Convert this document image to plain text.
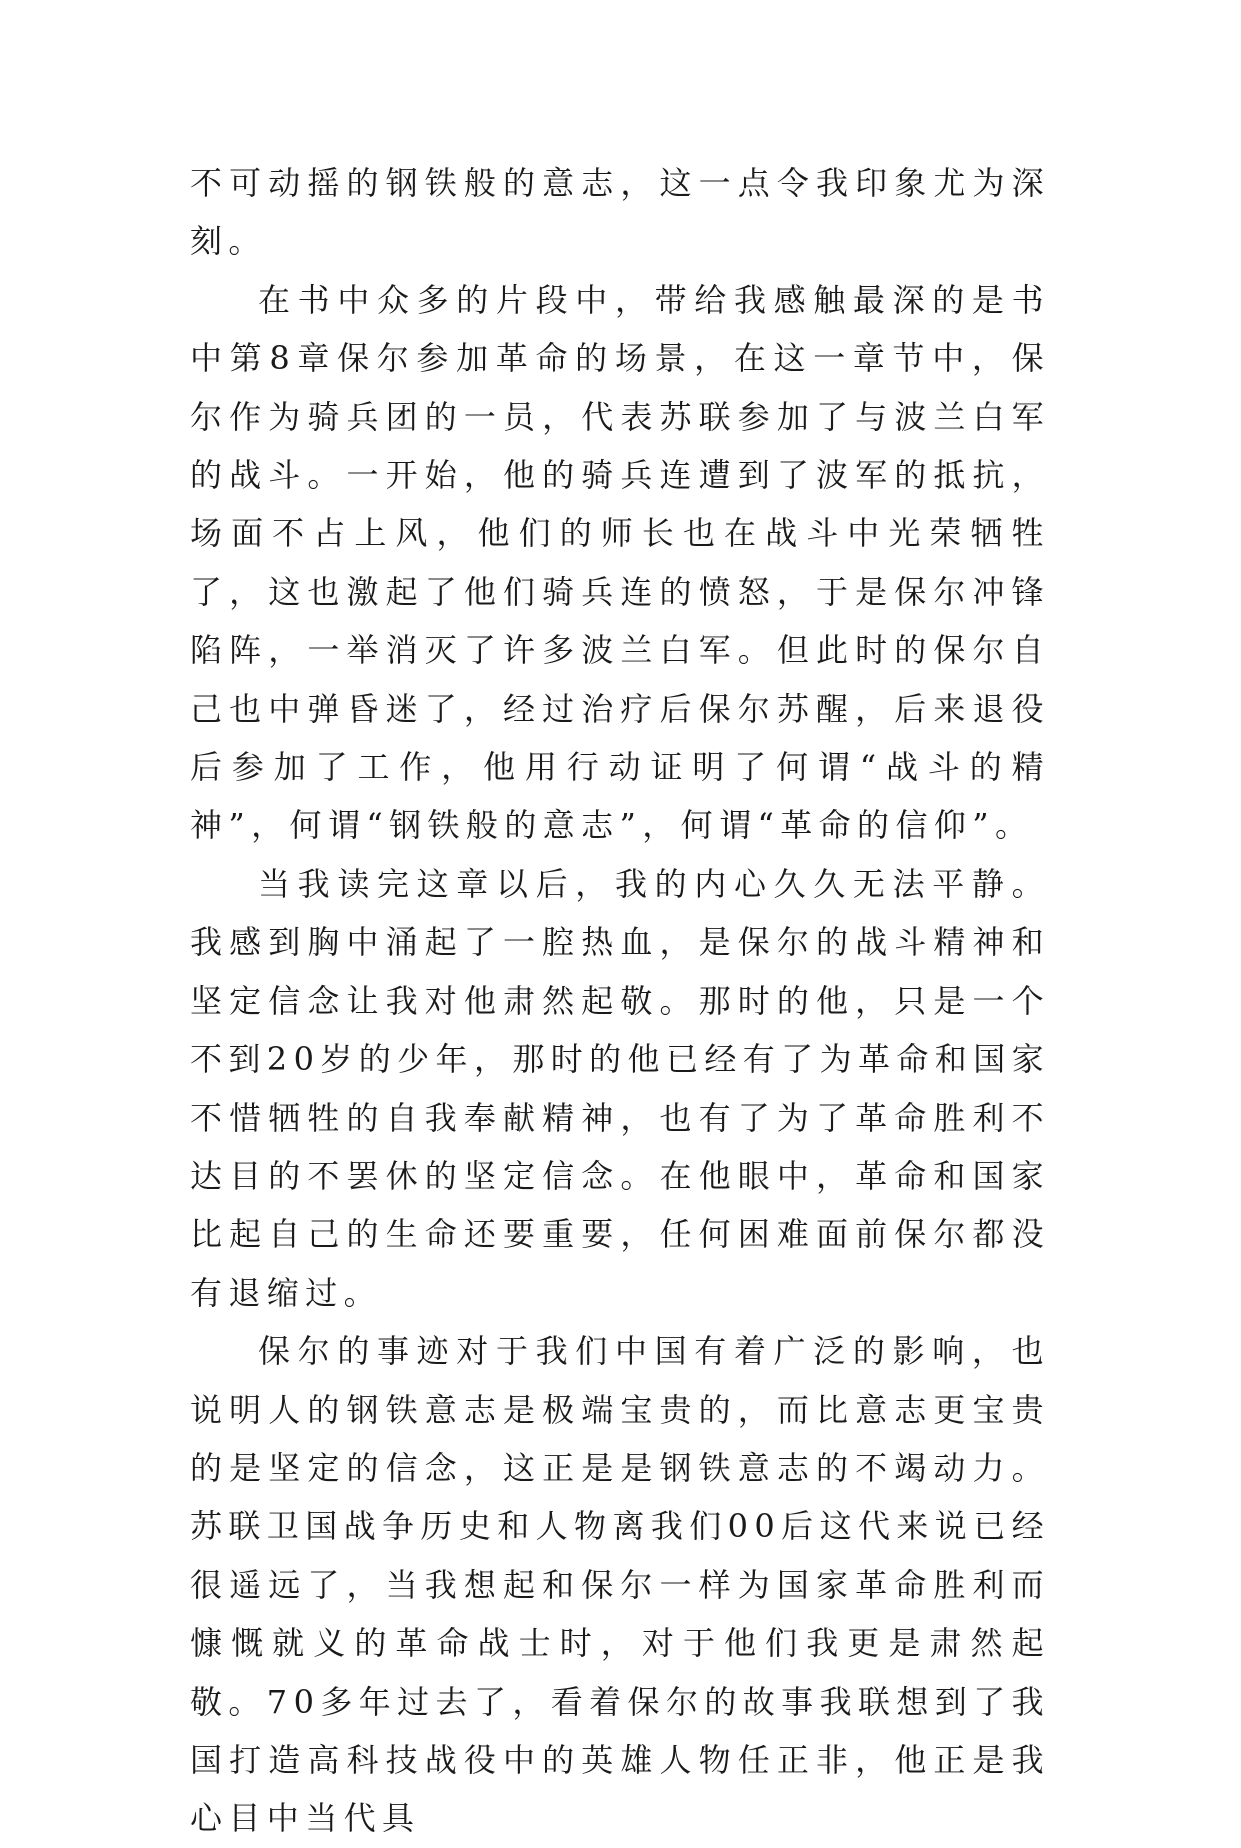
不可动摇的钢铁般的意志，这一点令我印象尤为深刻。

在书中众多的片段中，带给我感触最深的是书中第8章保尔参加革命的场景，在这一章节中，保尔作为骑兵团的一员，代表苏联参加了与波兰白军的战斗。一开始，他的骑兵连遭到了波军的抵抗，场面不占上风，他们的师长也在战斗中光荣牺牲了，这也激起了他们骑兵连的愤怒，于是保尔冲锋陷阵，一举消灭了许多波兰白军。但此时的保尔自己也中弹昏迷了，经过治疗后保尔苏醒，后来退役后参加了工作，他用行动证明了何谓“战斗的精神”，何谓“钢铁般的意志”，何谓“革命的信仰”。

当我读完这章以后，我的内心久久无法平静。我感到胸中涌起了一腔热血，是保尔的战斗精神和坚定信念让我对他肃然起敬。那时的他，只是一个不到20岁的少年，那时的他已经有了为革命和国家不惜牺牲的自我奉献精神，也有了为了革命胜利不达目的不罢休的坚定信念。在他眼中，革命和国家比起自己的生命还要重要，任何困难面前保尔都没有退缩过。

保尔的事迹对于我们中国有着广泛的影响，也说明人的钢铁意志是极端宝贵的，而比意志更宝贵的是坚定的信念，这正是是钢铁意志的不竭动力。苏联卫国战争历史和人物离我们00后这代来说已经很遥远了，当我想起和保尔一样为国家革命胜利而慷慨就义的革命战士时，对于他们我更是肃然起敬。70多年过去了，看着保尔的故事我联想到了我国打造高科技战役中的英雄人物任正非，他正是我心目中当代具
